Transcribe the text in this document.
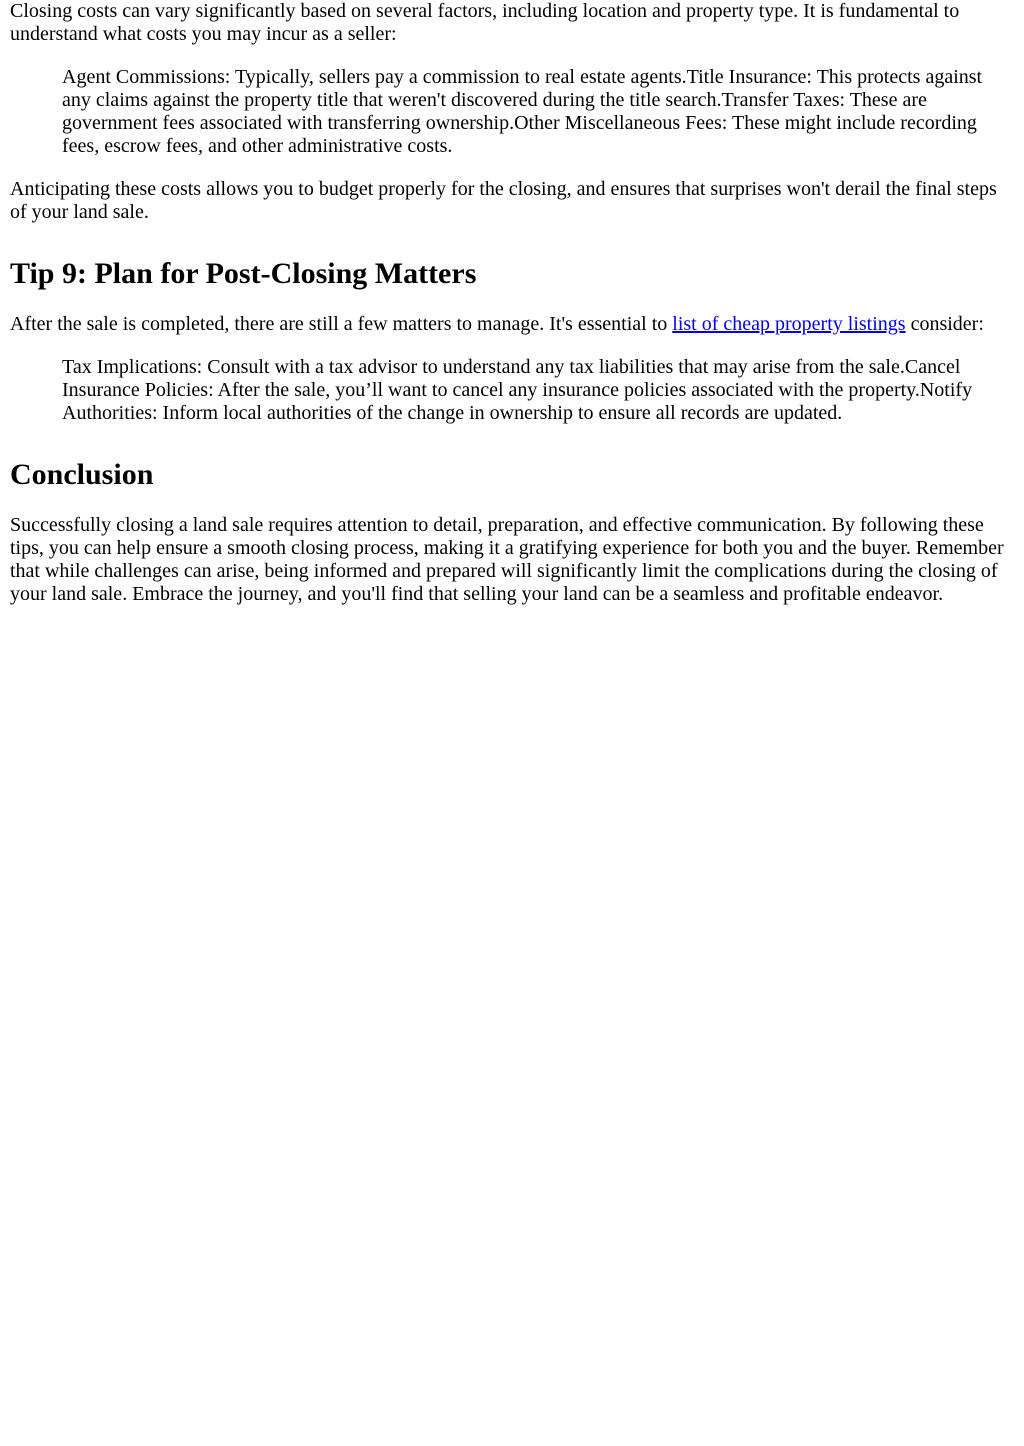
Closing costs can vary significantly based on several factors, including location and property type. It is fundamental to understand what costs you may incur as a seller:

Agent Commissions: Typically, sellers pay a commission to real estate agents.Title Insurance: This protects against any claims against the property title that weren't discovered during the title search.Transfer Taxes: These are government fees associated with transferring ownership.Other Miscellaneous Fees: These might include recording fees, escrow fees, and other administrative costs.

Anticipating these costs allows you to budget properly for the closing, and ensures that surprises won't derail the final steps of your land sale.

Tip 9: Plan for Post-Closing Matters

After the sale is completed, there are still a few matters to manage. It's essential to list of cheap property listings consider:

Tax Implications: Consult with a tax advisor to understand any tax liabilities that may arise from the sale.Cancel Insurance Policies: After the sale, you’ll want to cancel any insurance policies associated with the property.Notify Authorities: Inform local authorities of the change in ownership to ensure all records are updated.

Conclusion

Successfully closing a land sale requires attention to detail, preparation, and effective communication. By following these tips, you can help ensure a smooth closing process, making it a gratifying experience for both you and the buyer. Remember that while challenges can arise, being informed and prepared will significantly limit the complications during the closing of your land sale. Embrace the journey, and you'll find that selling your land can be a seamless and profitable endeavor.
